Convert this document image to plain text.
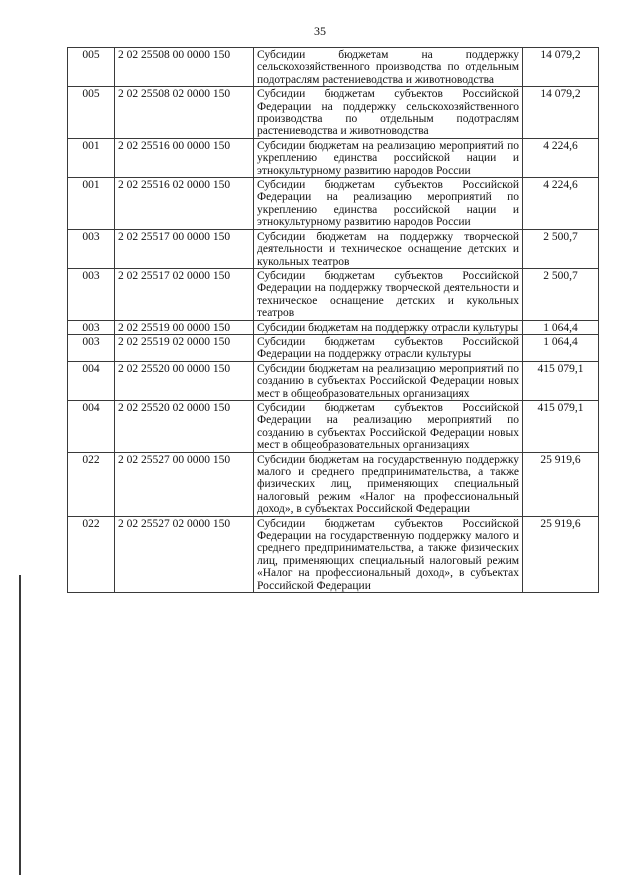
35
005	2 02 25508 00 0000 150	Субсидии бюджетам на поддержку сельскохозяйственного производства по отдельным подотраслям растениеводства и животноводства	14 079,2
005	2 02 25508 02 0000 150	Субсидии бюджетам субъектов Российской Федерации на поддержку сельскохозяйственного производства по отдельным подотраслям растениеводства и животноводства	14 079,2
001	2 02 25516 00 0000 150	Субсидии бюджетам на реализацию мероприятий по укреплению единства российской нации и этнокультурному развитию народов России	4 224,6
001	2 02 25516 02 0000 150	Субсидии бюджетам субъектов Российской Федерации на реализацию мероприятий по укреплению единства российской нации и этнокультурному развитию народов России	4 224,6
003	2 02 25517 00 0000 150	Субсидии бюджетам на поддержку творческой деятельности и техническое оснащение детских и кукольных театров	2 500,7
003	2 02 25517 02 0000 150	Субсидии бюджетам субъектов Российской Федерации на поддержку творческой деятельности и техническое оснащение детских и кукольных театров	2 500,7
003	2 02 25519 00 0000 150	Субсидии бюджетам на поддержку отрасли культуры	1 064,4
003	2 02 25519 02 0000 150	Субсидии бюджетам субъектов Российской Федерации на поддержку отрасли культуры	1 064,4
004	2 02 25520 00 0000 150	Субсидии бюджетам на реализацию мероприятий по созданию в субъектах Российской Федерации новых мест в общеобразовательных организациях	415 079,1
004	2 02 25520 02 0000 150	Субсидии бюджетам субъектов Российской Федерации на реализацию мероприятий по созданию в субъектах Российской Федерации новых мест в общеобразовательных организациях	415 079,1
022	2 02 25527 00 0000 150	Субсидии бюджетам на государственную поддержку малого и среднего предпринимательства, а также физических лиц, применяющих специальный налоговый режим «Налог на профессиональный доход», в субъектах Российской Федерации	25 919,6
022	2 02 25527 02 0000 150	Субсидии бюджетам субъектов Российской Федерации на государственную поддержку малого и среднего предпринимательства, а также физических лиц, применяющих специальный налоговый режим «Налог на профессиональный доход», в субъектах Российской Федерации	25 919,6
